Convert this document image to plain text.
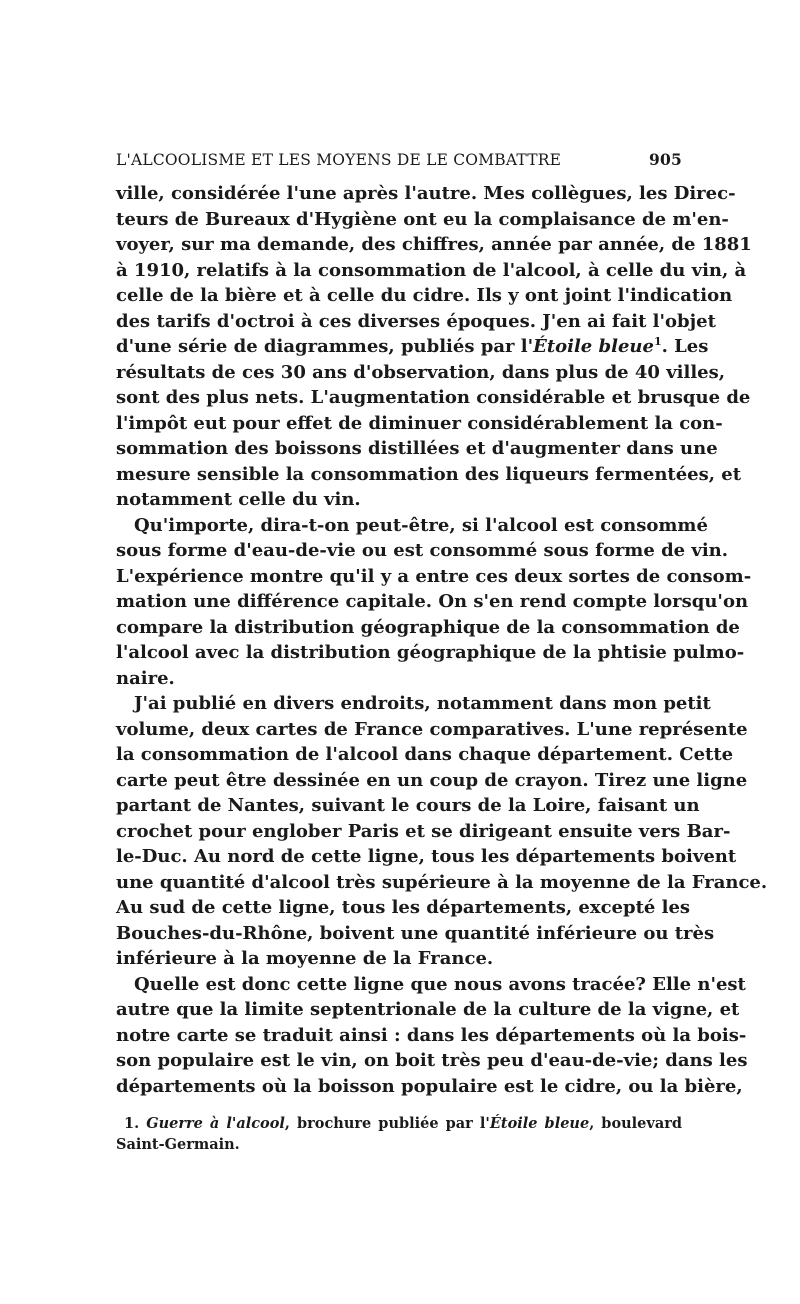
L'ALCOOLISME ET LES MOYENS DE LE COMBATTRE	905
ville, considérée l'une après l'autre. Mes collègues, les Direc-
teurs de Bureaux d'Hygiène ont eu la complaisance de m'en-
voyer, sur ma demande, des chiffres, année par année, de 1881
à 1910, relatifs à la consommation de l'alcool, à celle du vin, à
celle de la bière et à celle du cidre. Ils y ont joint l'indication
des tarifs d'octroi à ces diverses époques. J'en ai fait l'objet
d'une série de diagrammes, publiés par l'Étoile bleue$^1$. Les
résultats de ces 30 ans d'observation, dans plus de 40 villes,
sont des plus nets. L'augmentation considérable et brusque de
l'impôt eut pour effet de diminuer considérablement la con-
sommation des boissons distillées et d'augmenter dans une
mesure sensible la consommation des liqueurs fermentées, et
notamment celle du vin.
Qu'importe, dira-t-on peut-être, si l'alcool est consommé
sous forme d'eau-de-vie ou est consommé sous forme de vin.
L'expérience montre qu'il y a entre ces deux sortes de consom-
mation une différence capitale. On s'en rend compte lorsqu'on
compare la distribution géographique de la consommation de
l'alcool avec la distribution géographique de la phtisie pulmo-
naire.
J'ai publié en divers endroits, notamment dans mon petit
volume, deux cartes de France comparatives. L'une représente
la consommation de l'alcool dans chaque département. Cette
carte peut être dessinée en un coup de crayon. Tirez une ligne
partant de Nantes, suivant le cours de la Loire, faisant un
crochet pour englober Paris et se dirigeant ensuite vers Bar-
le-Duc. Au nord de cette ligne, tous les départements boivent
une quantité d'alcool très supérieure à la moyenne de la France.
Au sud de cette ligne, tous les départements, excepté les
Bouches-du-Rhône, boivent une quantité inférieure ou très
inférieure à la moyenne de la France.
Quelle est donc cette ligne que nous avons tracée? Elle n'est
autre que la limite septentrionale de la culture de la vigne, et
notre carte se traduit ainsi : dans les départements où la bois-
son populaire est le vin, on boit très peu d'eau-de-vie; dans les
départements où la boisson populaire est le cidre, ou la bière,
1. Guerre à l'alcool, brochure publiée par l'Étoile bleue, boulevard
Saint-Germain.
